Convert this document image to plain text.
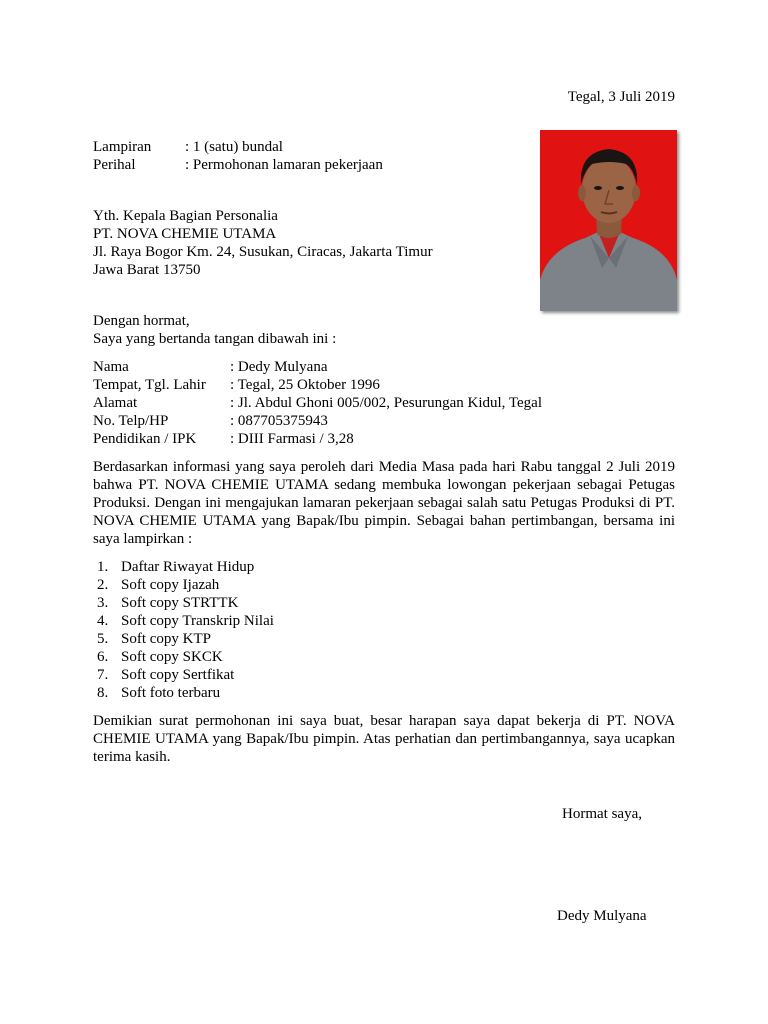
Tegal, 3 Juli 2019
Lampiran : 1 (satu) bundal
Perihal	: Permohonan lamaran pekerjaan
Yth. Kepala Bagian Personalia
PT. NOVA CHEMIE UTAMA
Jl. Raya Bogor Km. 24, Susukan, Ciracas, Jakarta Timur
Jawa Barat 13750
Dengan hormat,
Saya yang bertanda tangan dibawah ini :
Nama	: Dedy Mulyana
Tempat, Tgl. Lahir : Tegal, 25 Oktober 1996
Alamat	: Jl. Abdul Ghoni 005/002, Pesurungan Kidul, Tegal
No. Telp/HP	: 087705375943
Pendidikan / IPK : DIII Farmasi / 3,28
Berdasarkan informasi yang saya peroleh dari Media Masa pada hari Rabu tanggal 2 Juli 2019 bahwa PT. NOVA CHEMIE UTAMA sedang membuka lowongan pekerjaan sebagai Petugas Produksi. Dengan ini mengajukan lamaran pekerjaan sebagai salah satu Petugas Produksi di PT. NOVA CHEMIE UTAMA yang Bapak/Ibu pimpin. Sebagai bahan pertimbangan, bersama ini saya lampirkan :
1. Daftar Riwayat Hidup
2. Soft copy Ijazah
3. Soft copy STRTTK
4. Soft copy Transkrip Nilai
5. Soft copy KTP
6. Soft copy SKCK
7. Soft copy Sertfikat
8. Soft foto terbaru
Demikian surat permohonan ini saya buat, besar harapan saya dapat bekerja di PT. NOVA CHEMIE UTAMA yang Bapak/Ibu pimpin. Atas perhatian dan pertimbangannya, saya ucapkan terima kasih.
Hormat saya,
Dedy Mulyana
